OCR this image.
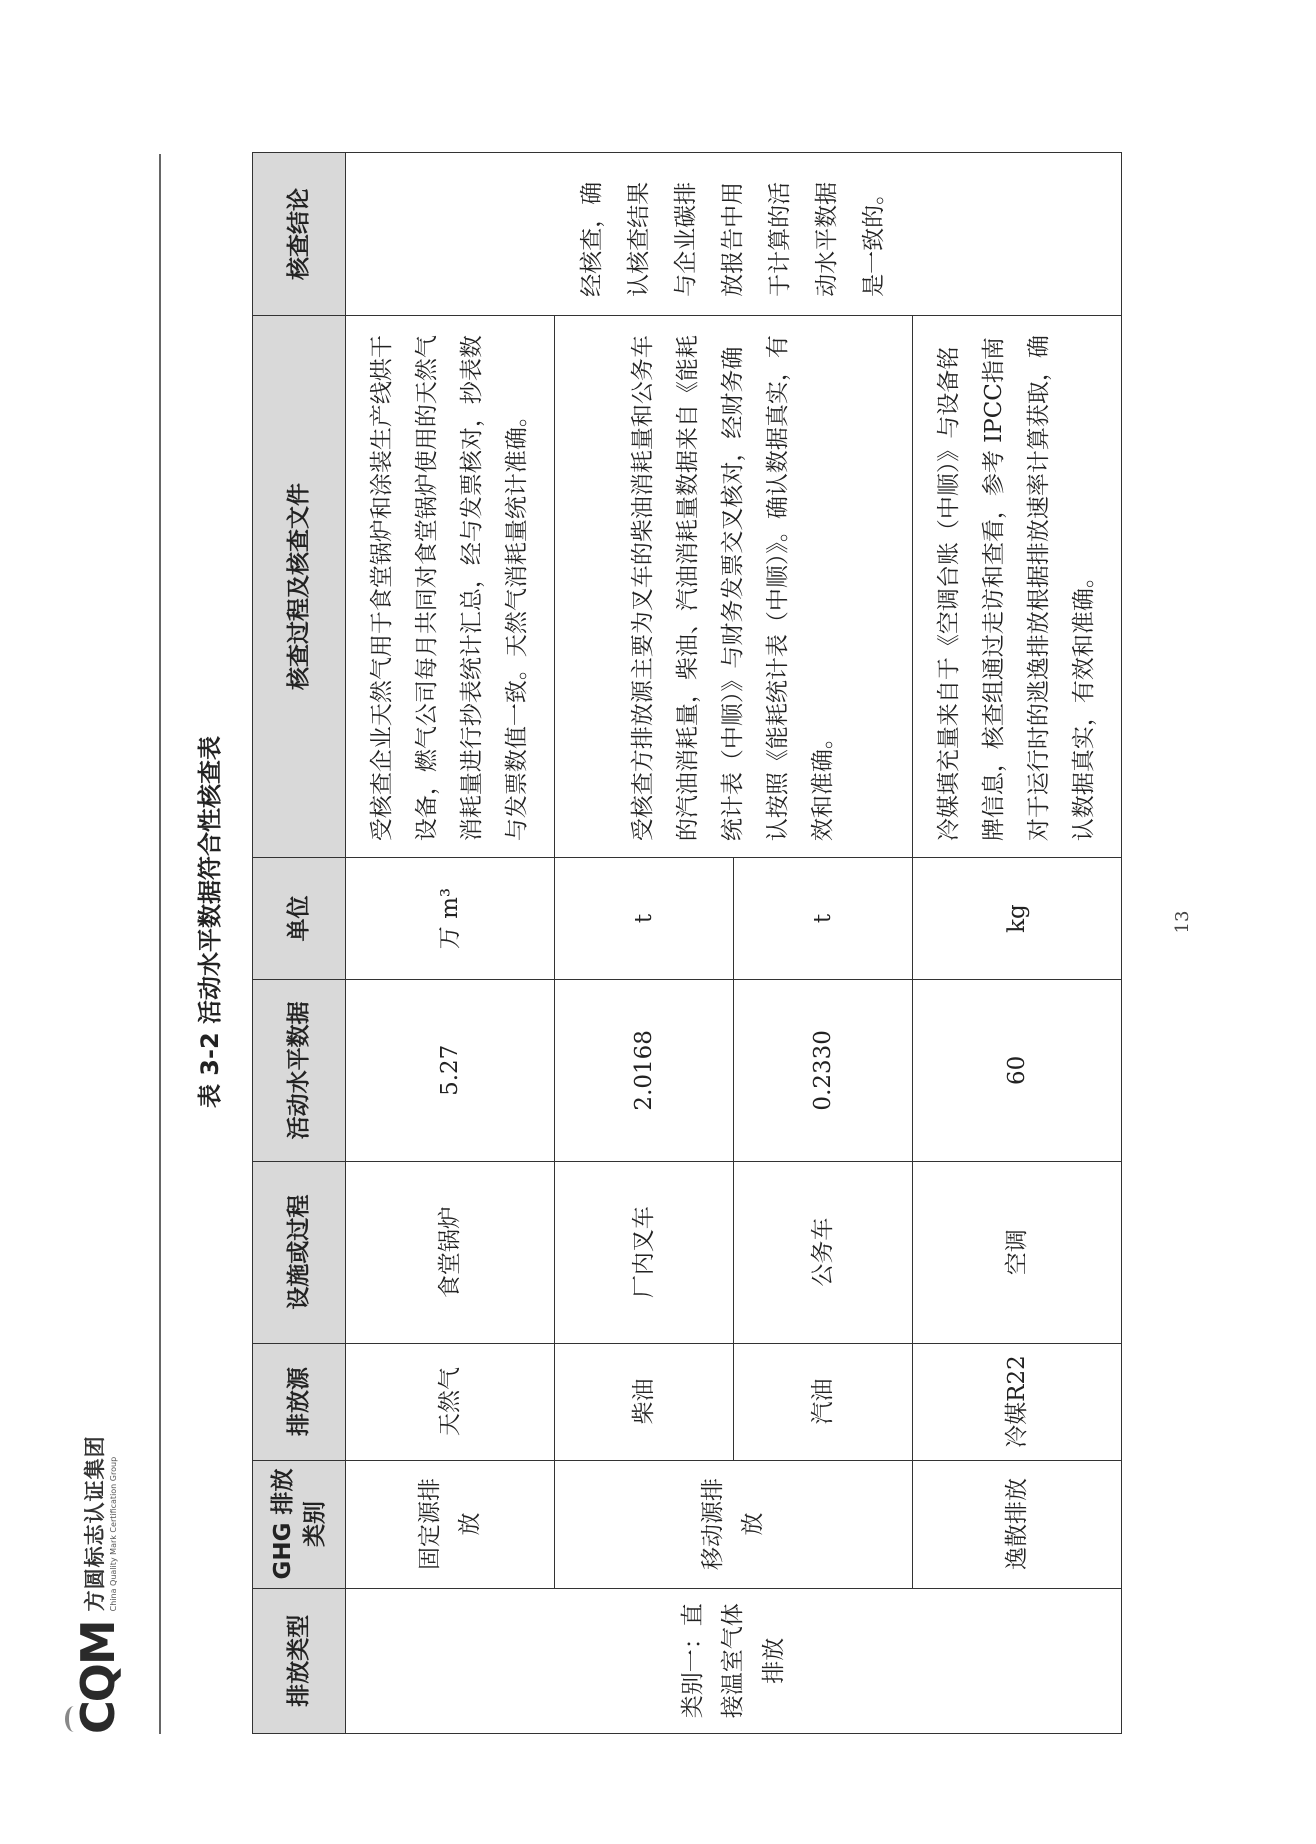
CQM
方圆标志认证集团 China Quality Mark Certification Group
表 3-2 活动水平数据符合性核查表
排放类型	GHG 排放类别	排放源	设施或过程	活动水平数据	单位	核查过程及核查文件	核查结论
类别一：直接温室气体排放	固定源排放	天然气	食堂锅炉	5.27	万 m³	受核查企业天然气用于食堂锅炉和涂装生产线烘干设备，燃气公司每月共同对食堂锅炉使用的天然气消耗量进行抄表统计汇总，经与发票核对，抄表数与发票数值一致。天然气消耗量统计准确。	经核查，确认核查结果与企业碳排放报告中用于计算的活动水平数据是一致的。
	移动源排放	柴油	厂内叉车	2.0168	t	受核查方排放源主要为叉车的柴油消耗量和公务车的汽油消耗量，柴油、汽油消耗量数据来自《能耗统计表（中顺）》与财务发票交叉核对，经财务确认按照《能耗统计表（中顺）》。确认数据真实，有效和准确。	
		汽油	公务车	0.2330	t		
	逸散排放	冷媒R22	空调	60	kg	冷媒填充量来自于《空调台账（中顺）》与设备铭牌信息，核查组通过走访和查看，参考 IPCC指南对于运行时的逃逸排放根据排放速率计算获取，确认数据真实，有效和准确。	
13
